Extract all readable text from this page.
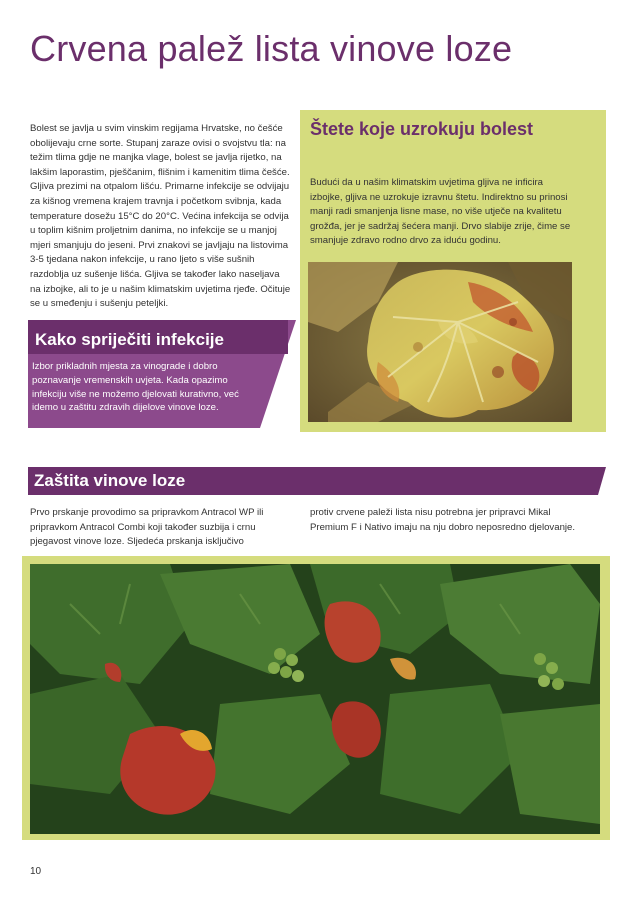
Crvena palež lista vinove loze

Bolest se javlja u svim vinskim regijama Hrvatske, no češće obolijevaju crne sorte. Stupanj zaraze ovisi o svojstvu tla: na težim tlima gdje ne manjka vlage, bolest se javlja rijetko, na lakšim laporastim, pješčanim, flišnim i kamenitim tlima češće. Gljiva prezimi na otpalom lišću. Primarne infekcije se odvijaju za kišnog vremena krajem travnja i početkom svibnja, kada temperature dosežu 15°C do 20°C. Većina infekcija se odvija u toplim kišnim proljetnim danima, no infekcije se u manjoj mjeri smanjuju do jeseni. Prvi znakovi se javljaju na listovima 3-5 tjedana nakon infekcije, u rano ljeto s više sušnih razdoblja uz sušenje lišća. Gljiva se također lako naseljava na izbojke, ali to je u našim klimatskim uvjetima rjeđe. Očituje se u smeđenju i sušenju peteljki.

Štete koje uzrokuju bolest

Budući da u našim klimatskim uvjetima gljiva ne inficira izbojke, gljiva ne uzrokuje izravnu štetu. Indirektno su prinosi manji radi smanjenja lisne mase, no više utječe na kvalitetu grožđa, jer je sadržaj šećera manji. Drvo slabije zrije, čime se smanjuje zdravo rodno drvo za iduću godinu.

Kako spriječiti infekcije

Izbor prikladnih mjesta za vinograde i dobro poznavanje vremenskih uvjeta. Kada opazimo infekciju više ne možemo djelovati kurativno, već idemo u zaštitu zdravih dijelove vinove loze.

Zaštita vinove loze

Prvo prskanje provodimo sa pripravkom Antracol WP ili pripravkom Antracol Combi koji također suzbija i crnu pjegavost vinove loze. Sljedeća prskanja isključivo

protiv crvene paleži lista nisu potrebna jer pripravci Mikal Premium F i Nativo imaju na nju dobro neposredno djelovanje.

10
